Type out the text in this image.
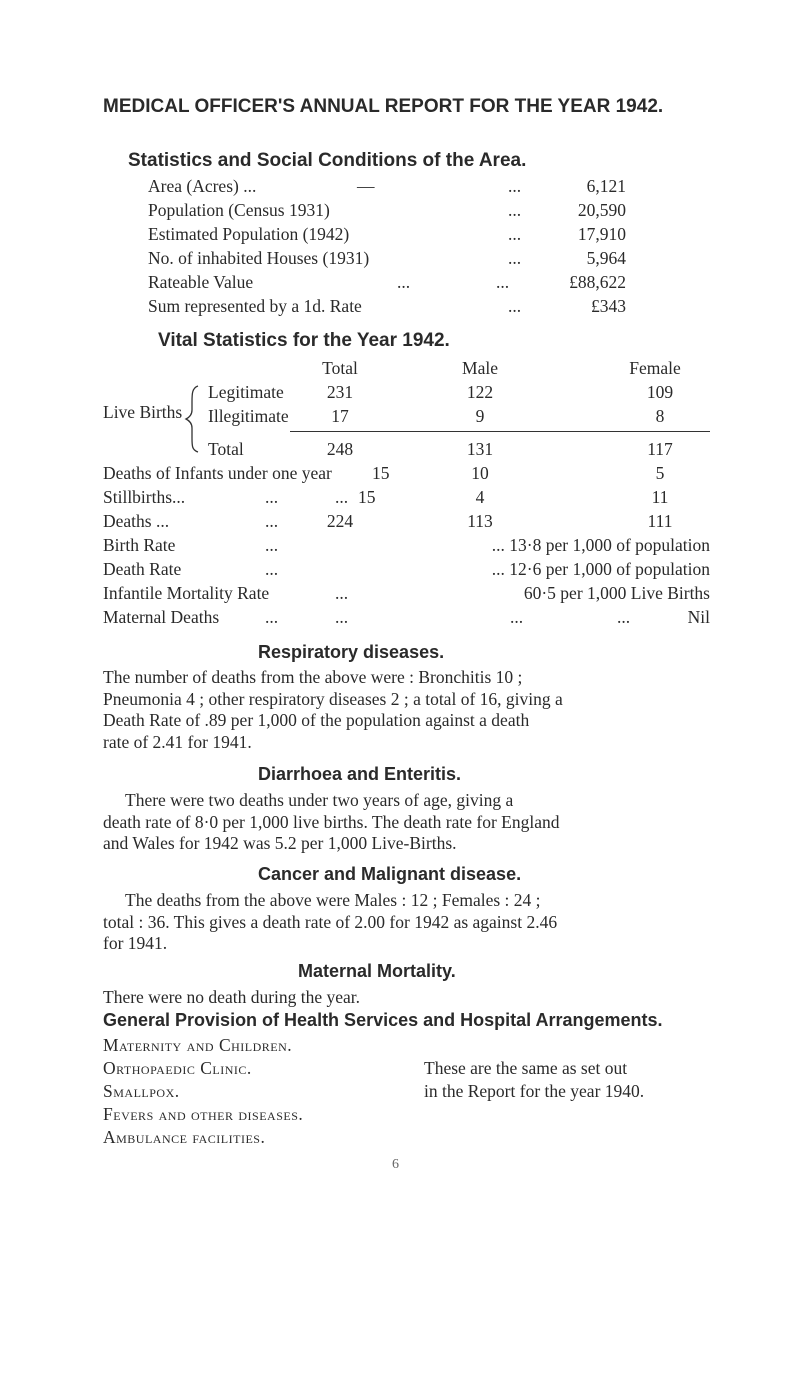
MEDICAL OFFICER'S ANNUAL REPORT FOR THE YEAR 1942.
Statistics and Social Conditions of the Area.
Area (Acres) ...	—	...	6,121
Population (Census 1931)	...	20,590
Estimated Population (1942)	...	17,910
No. of inhabited Houses (1931)	...	5,964
Rateable Value	...	...	£88,622
Sum represented by a 1d. Rate	...	£343
Vital Statistics for the Year 1942.
Total	Male	Female
Live Births
Legitimate	231	122	109
Illegitimate	17	9	8
Total	248	131	117
Deaths of Infants under one year 15	10	5
Stillbirths...	...	... 15	4	11
Deaths ...	...	224	113	111
Birth Rate	...	... 13·8 per 1,000 of population
Death Rate	...	... 12·6 per 1,000 of population
Infantile Mortality Rate	...	60·5 per 1,000 Live Births
Maternal Deaths	...	...	...	...	Nil
Respiratory diseases.
The number of deaths from the above were : Bronchitis 10 ;
Pneumonia 4 ; other respiratory diseases 2 ; a total of 16, giving a
Death Rate of .89 per 1,000 of the population against a death
rate of 2.41 for 1941.
Diarrhoea and Enteritis.
There were two deaths under two years of age, giving a
death rate of 8·0 per 1,000 live births. The death rate for England
and Wales for 1942 was 5.2 per 1,000 Live-Births.
Cancer and Malignant disease.
The deaths from the above were Males : 12 ; Females : 24 ;
total : 36. This gives a death rate of 2.00 for 1942 as against 2.46
for 1941.
Maternal Mortality.
There were no death during the year.
General Provision of Health Services and Hospital Arrangements.
Maternity and Children.
Orthopaedic Clinic.
Smallpox.
Fevers and other diseases.
Ambulance facilities.
These are the same as set out
in the Report for the year 1940.
6
